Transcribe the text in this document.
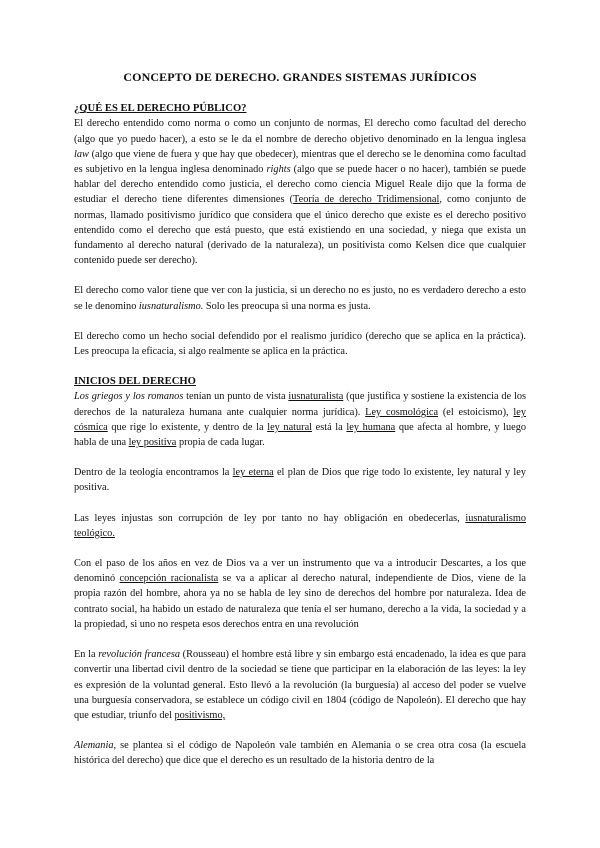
CONCEPTO DE DERECHO. GRANDES SISTEMAS JURÍDICOS
¿QUÉ ES EL DERECHO PÚBLICO?

El derecho entendido como norma o como un conjunto de normas, El derecho como facultad del derecho (algo que yo puedo hacer), a esto se le da el nombre de derecho objetivo denominado en la lengua inglesa law (algo que viene de fuera y que hay que obedecer), mientras que el derecho se le denomina como facultad es subjetivo en la lengua inglesa denominado rights (algo que se puede hacer o no hacer), también se puede hablar del derecho entendido como justicia, el derecho como ciencia Miguel Reale dijo que la forma de estudiar el derecho tiene diferentes dimensiones (Teoría de derecho Tridimensional, como conjunto de normas, llamado positivismo jurídico que considera que el único derecho que existe es el derecho positivo entendido como el derecho que está puesto, que está existiendo en una sociedad, y niega que exista un fundamento al derecho natural (derivado de la naturaleza), un positivista como Kelsen dice que cualquier contenido puede ser derecho).

El derecho como valor tiene que ver con la justicia, si un derecho no es justo, no es verdadero derecho a esto se le denomino iusnaturalismo. Solo les preocupa si una norma es justa.

El derecho como un hecho social defendido por el realismo jurídico (derecho que se aplica en la práctica). Les preocupa la eficacia, si algo realmente se aplica en la práctica.

INICIOS DEL DERECHO

Los griegos y los romanos tenían un punto de vista iusnaturalista (que justifica y sostiene la existencia de los derechos de la naturaleza humana ante cualquier norma jurídica). Ley cosmológica (el estoicismo), ley cósmica que rige lo existente, y dentro de la ley natural está la ley humana que afecta al hombre, y luego habla de una ley positiva propia de cada lugar.

Dentro de la teología encontramos la ley eterna el plan de Dios que rige todo lo existente, ley natural y ley positiva.

Las leyes injustas son corrupción de ley por tanto no hay obligación en obedecerlas, iusnaturalismo teológico.

Con el paso de los años en vez de Dios va a ver un instrumento que va a introducir Descartes, a los que denominó concepción racionalista se va a aplicar al derecho natural, independiente de Dios, viene de la propia razón del hombre, ahora ya no se habla de ley sino de derechos del hombre por naturaleza. Idea de contrato social, ha habido un estado de naturaleza que tenía el ser humano, derecho a la vida, la sociedad y a la propiedad, si uno no respeta esos derechos entra en una revolución

En la revolución francesa (Rousseau) el hombre está libre y sin embargo está encadenado, la idea es que para convertir una libertad civil dentro de la sociedad se tiene que participar en la elaboración de las leyes: la ley es expresión de la voluntad general. Esto llevó a la revolución (la burguesía) al acceso del poder se vuelve una burguesía conservadora, se establece un código civil en 1804 (código de Napoleón). El derecho que hay que estudiar, triunfo del positivismo,

Alemania, se plantea si el código de Napoleón vale también en Alemania o se crea otra cosa (la escuela histórica del derecho) que dice que el derecho es un resultado de la historia dentro de la
